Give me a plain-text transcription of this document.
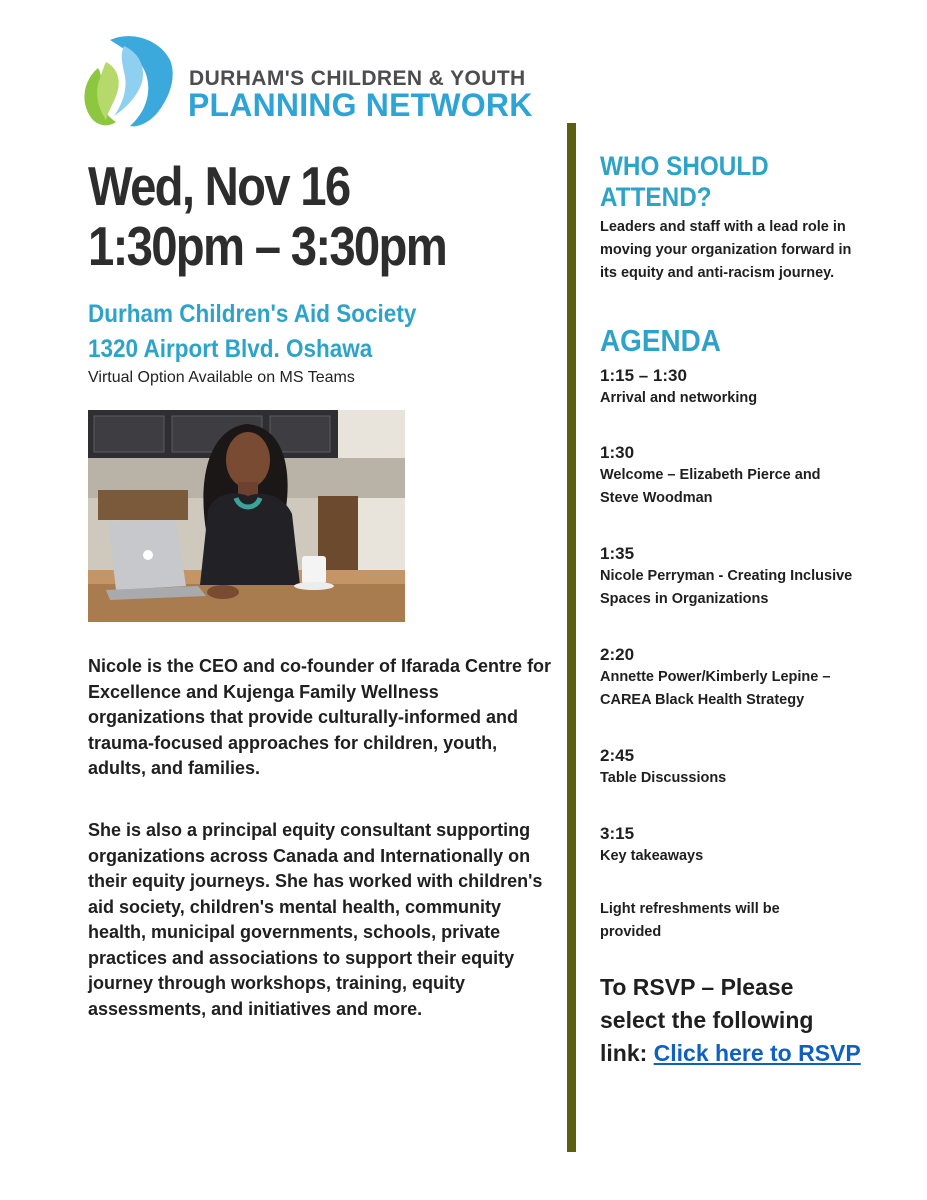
DURHAM'S CHILDREN & YOUTH
PLANNING NETWORK
Wed, Nov 16
1:30pm – 3:30pm
Durham Children's Aid Society
1320 Airport Blvd. Oshawa
Virtual Option Available on MS Teams

Nicole is the CEO and co-founder of Ifarada Centre for Excellence and Kujenga Family Wellness organizations that provide culturally-informed and trauma-focused approaches for children, youth, adults, and families.

She is also a principal equity consultant supporting organizations across Canada and Internationally on their equity journeys. She has worked with children's aid society, children's mental health, community health, municipal governments, schools, private practices and associations to support their equity journey through workshops, training, equity assessments, and initiatives and more.

WHO SHOULD
ATTEND?

Leaders and staff with a lead role in moving your organization forward in its equity and anti-racism journey.

AGENDA

1:15 – 1:30

Arrival and networking

1:30

Welcome – Elizabeth Pierce and Steve Woodman

1:35

Nicole Perryman - Creating Inclusive Spaces in Organizations

2:20

Annette Power/Kimberly Lepine – CAREA Black Health Strategy

2:45

Table Discussions

3:15

Key takeaways

Light refreshments will be provided

To RSVP – Please select the following link: Click here to RSVP
